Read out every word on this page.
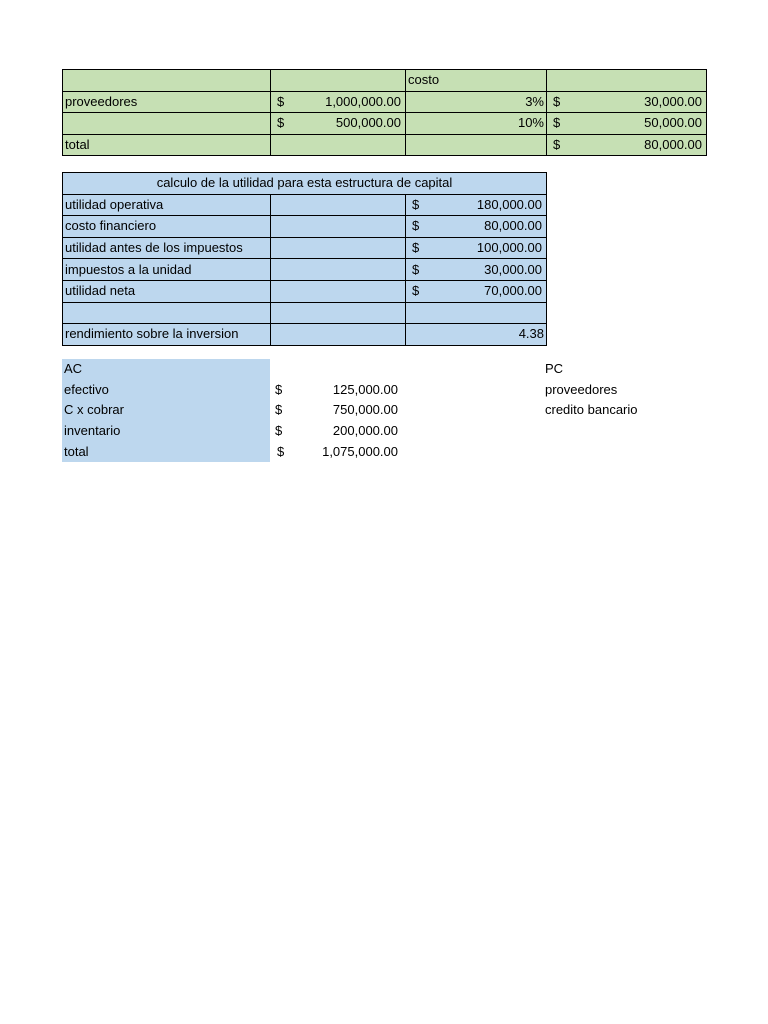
		costo	
proveedores	$ 1,000,000.00	3%	$ 30,000.00

	$ 500,000.00	10%	$ 50,000.00

total			$ 80,000.00
calculo de la utilidad para esta estructura de capital		
utilidad operativa		$ 180,000.00

costo financiero		$ 80,000.00

utilidad antes de los impuestos		$ 100,000.00

impuestos a la unidad		$ 30,000.00

utilidad neta		$ 70,000.00

rendimiento sobre la inversion		4.38
AC
efectivo	$	125,000.00
C x cobrar	$	750,000.00
inventario	$	200,000.00
total	$	1,075,000.00
PC
proveedores
credito bancario
